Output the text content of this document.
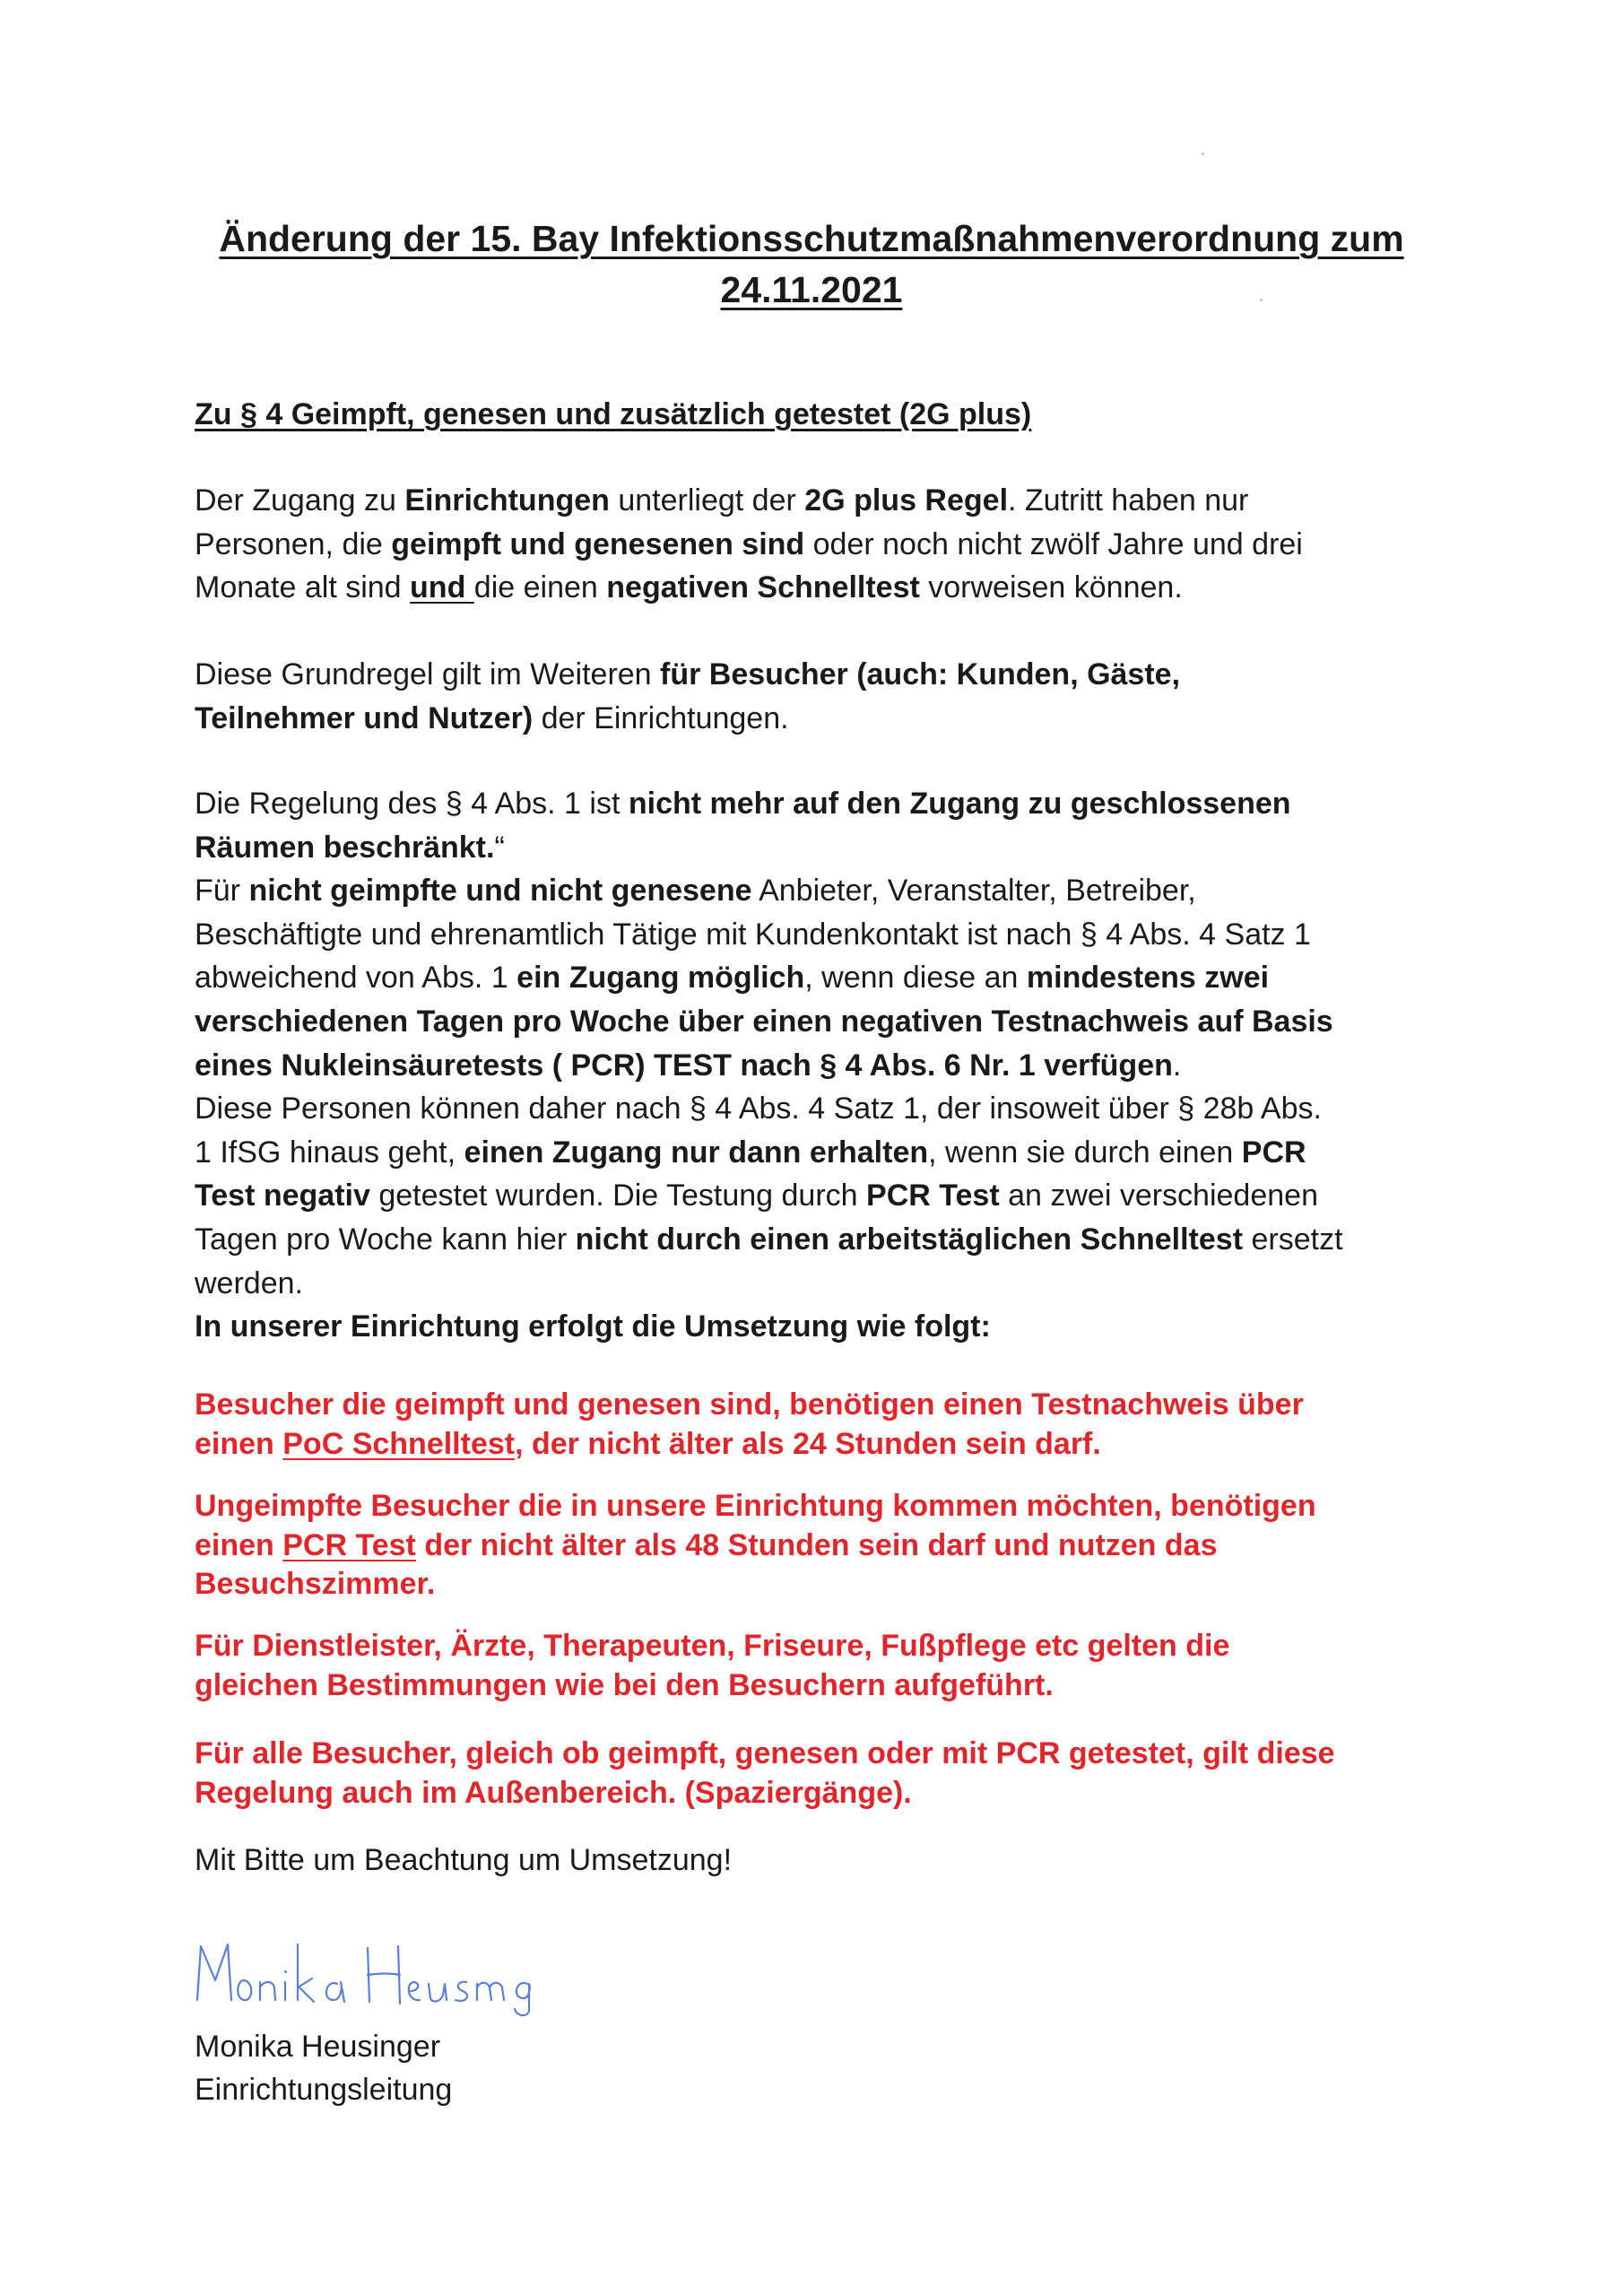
Änderung der 15. Bay Infektionsschutzmaßnahmenverordnung zum
24.11.2021
Zu § 4 Geimpft, genesen und zusätzlich getestet (2G plus)
Der Zugang zu Einrichtungen unterliegt der 2G plus Regel. Zutritt haben nur
Personen, die geimpft und genesenen sind oder noch nicht zwölf Jahre und drei
Monate alt sind und die einen negativen Schnelltest vorweisen können.
Diese Grundregel gilt im Weiteren für Besucher (auch: Kunden, Gäste,
Teilnehmer und Nutzer) der Einrichtungen.
Die Regelung des § 4 Abs. 1 ist nicht mehr auf den Zugang zu geschlossenen
Räumen beschränkt.“
Für nicht geimpfte und nicht genesene Anbieter, Veranstalter, Betreiber,
Beschäftigte und ehrenamtlich Tätige mit Kundenkontakt ist nach § 4 Abs. 4 Satz 1
abweichend von Abs. 1 ein Zugang möglich, wenn diese an mindestens zwei
verschiedenen Tagen pro Woche über einen negativen Testnachweis auf Basis
eines Nukleinsäuretests ( PCR) TEST nach § 4 Abs. 6 Nr. 1 verfügen.
Diese Personen können daher nach § 4 Abs. 4 Satz 1, der insoweit über § 28b Abs.
1 IfSG hinaus geht, einen Zugang nur dann erhalten, wenn sie durch einen PCR
Test negativ getestet wurden. Die Testung durch PCR Test an zwei verschiedenen
Tagen pro Woche kann hier nicht durch einen arbeitstäglichen Schnelltest ersetzt
werden.
In unserer Einrichtung erfolgt die Umsetzung wie folgt:
Besucher die geimpft und genesen sind, benötigen einen Testnachweis über
einen PoC Schnelltest, der nicht älter als 24 Stunden sein darf.
Ungeimpfte Besucher die in unsere Einrichtung kommen möchten, benötigen
einen PCR Test der nicht älter als 48 Stunden sein darf und nutzen das
Besuchszimmer.
Für Dienstleister, Ärzte, Therapeuten, Friseure, Fußpflege etc gelten die
gleichen Bestimmungen wie bei den Besuchern aufgeführt.
Für alle Besucher, gleich ob geimpft, genesen oder mit PCR getestet, gilt diese
Regelung auch im Außenbereich. (Spaziergänge).
Mit Bitte um Beachtung um Umsetzung!
Monika Heusinger
Monika Heusinger
Einrichtungsleitung
